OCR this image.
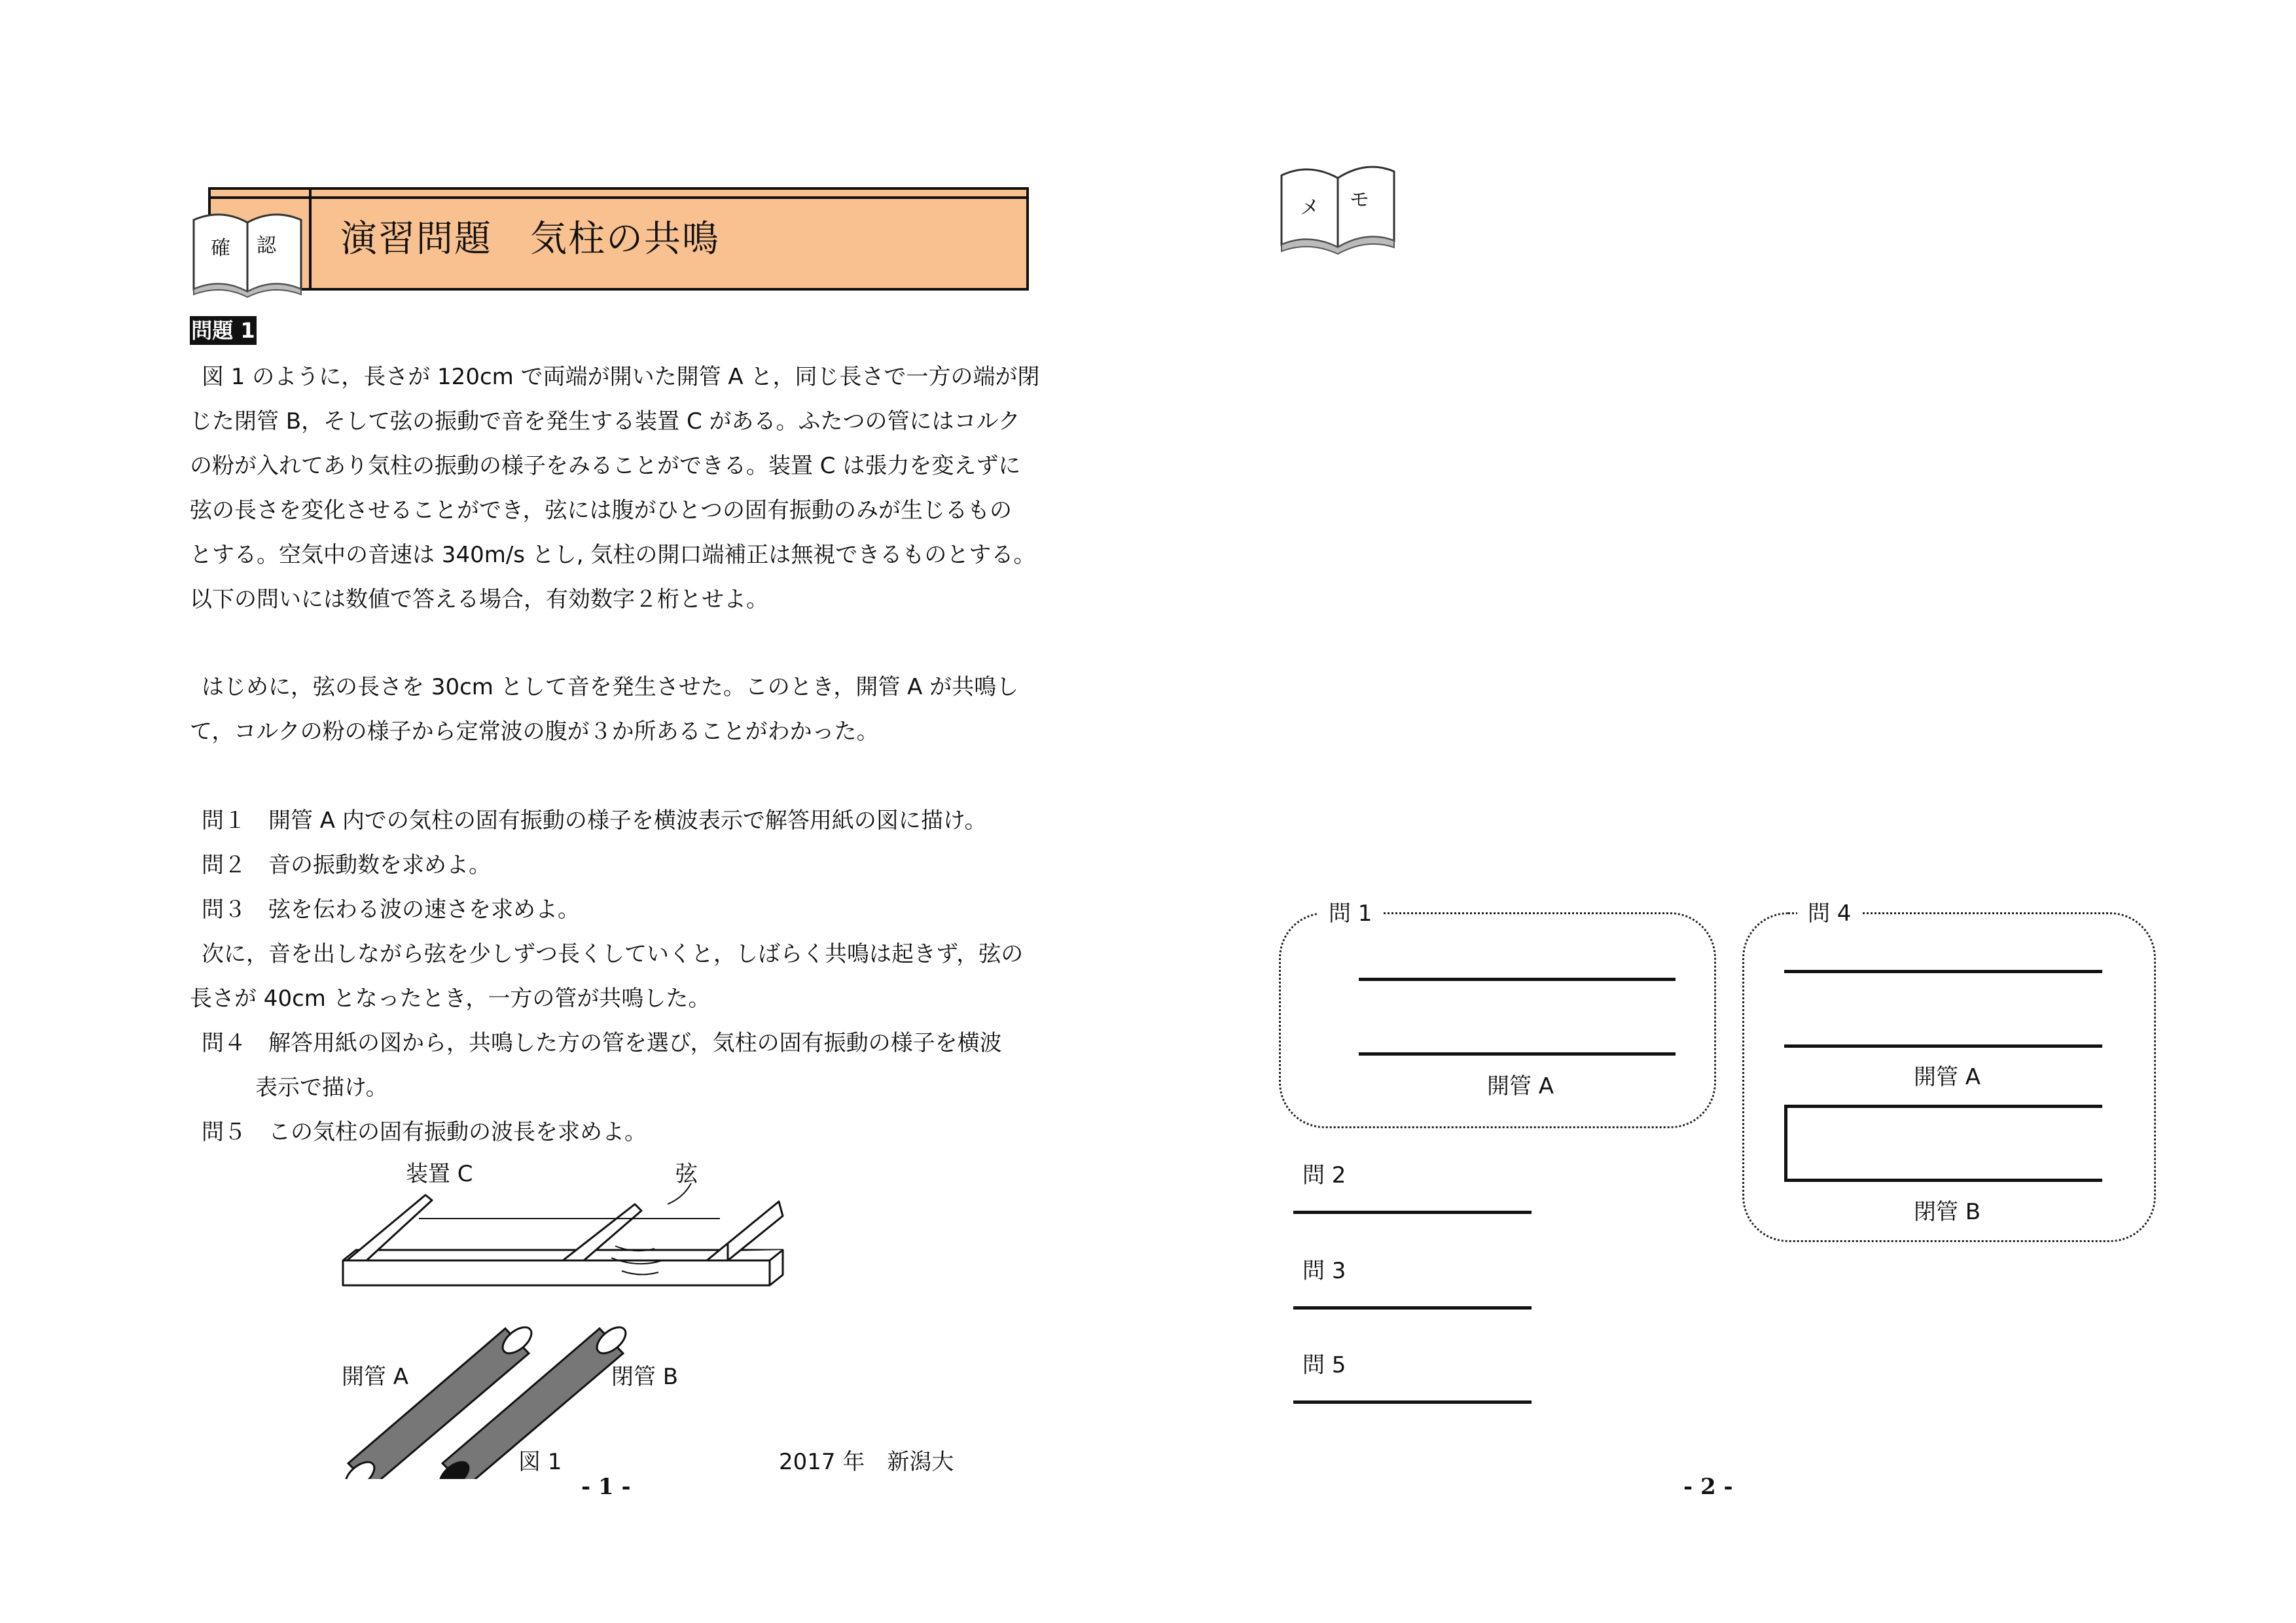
演習問題　気柱の共鳴
確 認
問題 1
図 1 のように，長さが 120cm で両端が開いた開管 A と，同じ長さで一方の端が閉
じた閉管 B，そして弦の振動で音を発生する装置 C がある。ふたつの管にはコルク
の粉が入れてあり気柱の振動の様子をみることができる。装置 C は張力を変えずに
弦の長さを変化させることができ，弦には腹がひとつの固有振動のみが生じるもの
とする。空気中の音速は 340m/s とし, 気柱の開口端補正は無視できるものとする。
以下の問いには数値で答える場合，有効数字２桁とせよ。
はじめに，弦の長さを 30cm として音を発生させた。このとき，開管 A が共鳴し
て，コルクの粉の様子から定常波の腹が３か所あることがわかった。
問１　開管 A 内での気柱の固有振動の様子を横波表示で解答用紙の図に描け。
問２　音の振動数を求めよ。
問３　弦を伝わる波の速さを求めよ。
次に，音を出しながら弦を少しずつ長くしていくと，しばらく共鳴は起きず，弦の
長さが 40cm となったとき，一方の管が共鳴した。
問４　解答用紙の図から，共鳴した方の管を選び，気柱の固有振動の様子を横波
表示で描け。
問５　この気柱の固有振動の波長を求めよ。
装置 C	弦
開管 A	閉管 B
図 1	2017 年　新潟大
- 1 -
メ モ
問 1
開管 A
問 4
開管 A
閉管 B
問 2
問 3
問 5
- 2 -
